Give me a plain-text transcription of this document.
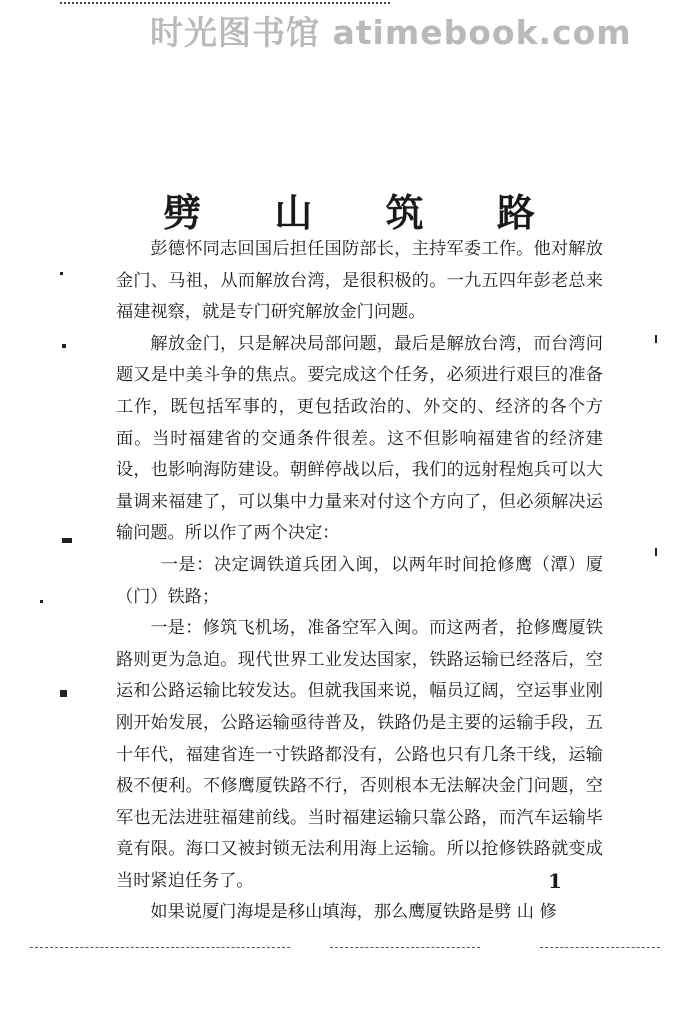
时光图书馆 atimebook.com
劈 山 筑 路

彭德怀同志回国后担任国防部长，主持军委工作。他对解放金门、马祖，从而解放台湾，是很积极的。一九五四年彭老总来福建视察，就是专门研究解放金门问题。

解放金门，只是解决局部问题，最后是解放台湾，而台湾问题又是中美斗争的焦点。要完成这个任务，必须进行艰巨的准备工作，既包括军事的，更包括政治的、外交的、经济的各个方面。当时福建省的交通条件很差。这不但影响福建省的经济建设，也影响海防建设。朝鲜停战以后，我们的远射程炮兵可以大量调来福建了，可以集中力量来对付这个方向了，但必须解决运输问题。所以作了两个决定：

一是：决定调铁道兵团入闽，以两年时间抢修鹰（潭）厦（门）铁路；

一是：修筑飞机场，准备空军入闽。而这两者，抢修鹰厦铁路则更为急迫。现代世界工业发达国家，铁路运输已经落后，空运和公路运输比较发达。但就我国来说，幅员辽阔，空运事业刚刚开始发展，公路运输亟待普及，铁路仍是主要的运输手段，五十年代，福建省连一寸铁路都没有，公路也只有几条干线，运输极不便利。不修鹰厦铁路不行，否则根本无法解决金门问题，空军也无法进驻福建前线。当时福建运输只靠公路，而汽车运输毕竟有限。海口又被封锁无法利用海上运输。所以抢修铁路就变成当时紧迫任务了。

如果说厦门海堤是移山填海，那么鹰厦铁路是劈 山 修

1
